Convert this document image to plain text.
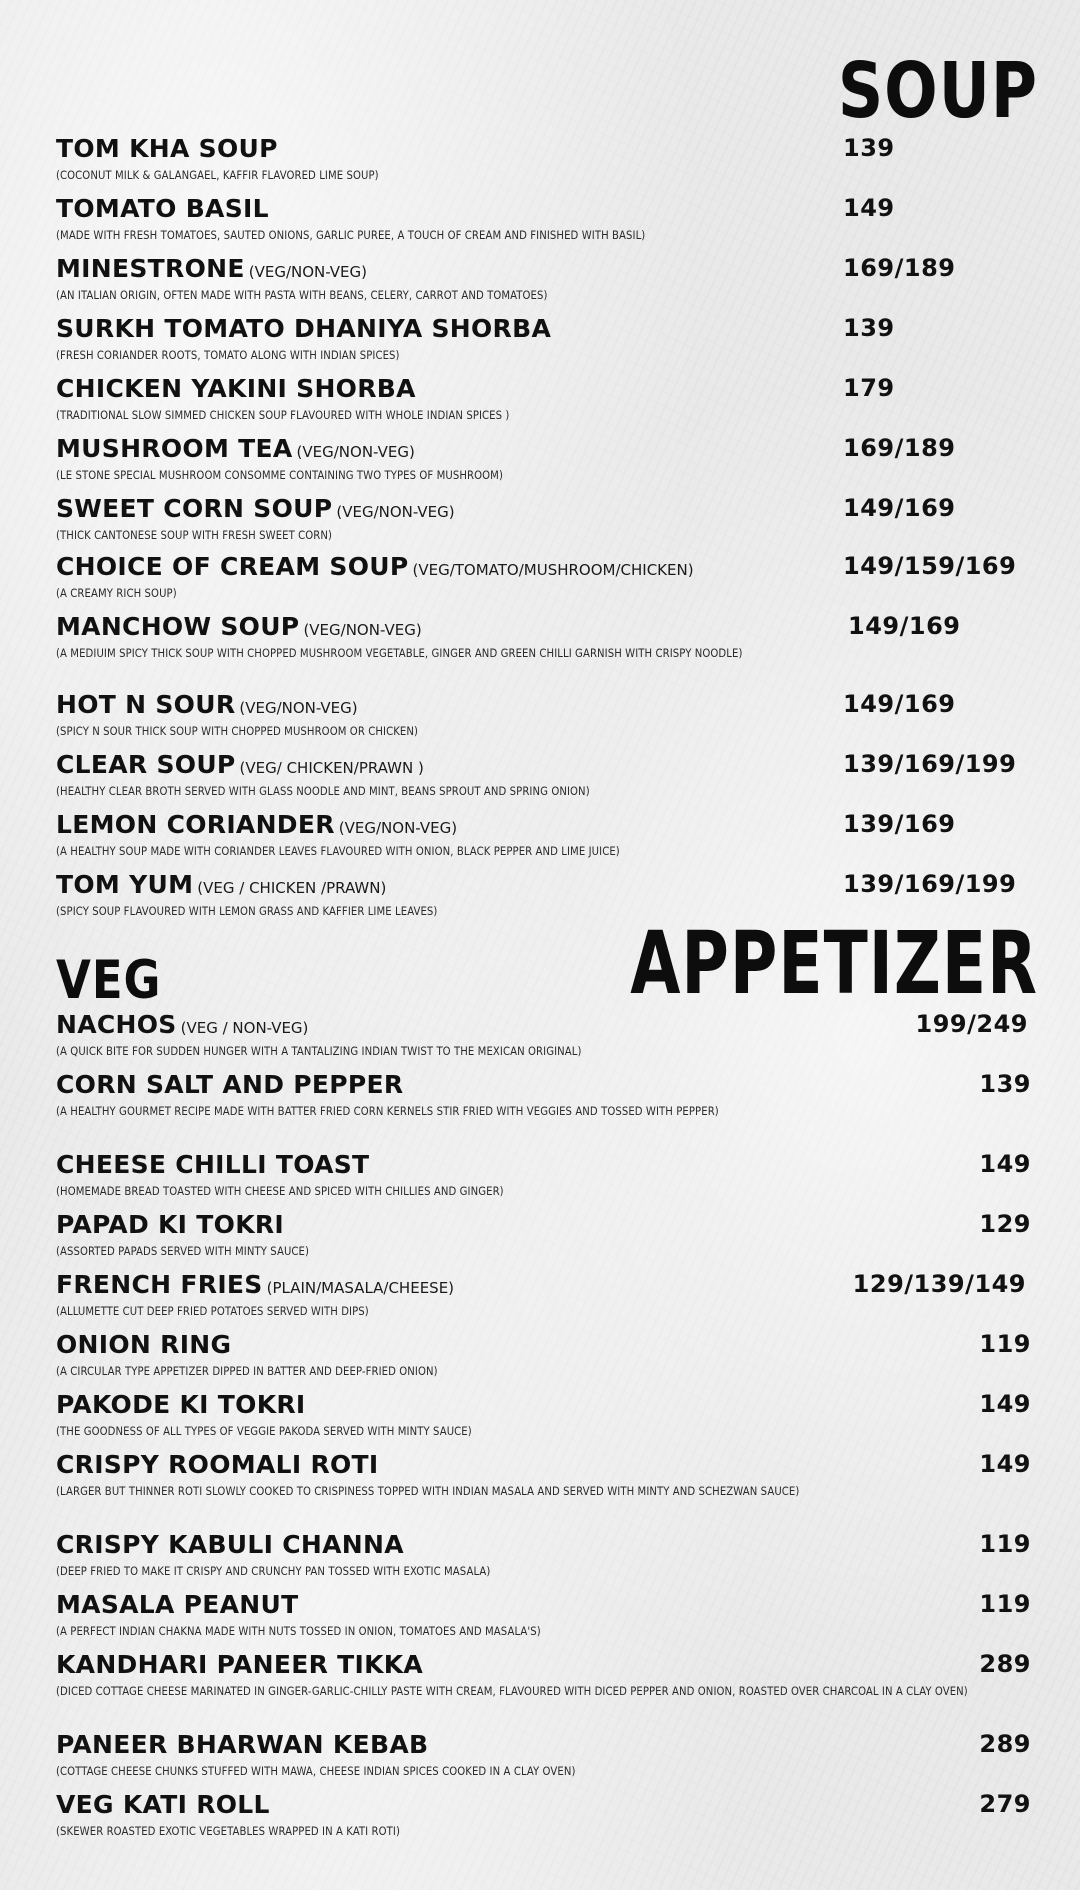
SOUP
VEG	APPETIZER
TOM KHA SOUP	139
(COCONUT MILK & GALANGAEL, KAFFIR FLAVORED LIME SOUP)
TOMATO BASIL	149
(MADE WITH FRESH TOMATOES, SAUTED ONIONS, GARLIC PUREE, A TOUCH OF CREAM AND FINISHED WITH BASIL)
MINESTRONE (VEG/NON-VEG)	169/189
(AN ITALIAN ORIGIN, OFTEN MADE WITH PASTA WITH BEANS, CELERY, CARROT AND TOMATOES)
SURKH TOMATO DHANIYA SHORBA	139
(FRESH CORIANDER ROOTS, TOMATO ALONG WITH INDIAN SPICES)
CHICKEN YAKINI SHORBA	179
(TRADITIONAL SLOW SIMMED CHICKEN SOUP FLAVOURED WITH WHOLE INDIAN SPICES )
MUSHROOM TEA (VEG/NON-VEG)	169/189
(LE STONE SPECIAL MUSHROOM CONSOMME CONTAINING TWO TYPES OF MUSHROOM)
SWEET CORN SOUP (VEG/NON-VEG)	149/169
(THICK CANTONESE SOUP WITH FRESH SWEET CORN)
CHOICE OF CREAM SOUP (VEG/TOMATO/MUSHROOM/CHICKEN)	149/159/169
(A CREAMY RICH SOUP)
MANCHOW SOUP (VEG/NON-VEG)	149/169
(A MEDIUIM SPICY THICK SOUP WITH CHOPPED MUSHROOM VEGETABLE, GINGER AND GREEN CHILLI GARNISH WITH CRISPY NOODLE)
HOT N SOUR (VEG/NON-VEG)	149/169
(SPICY N SOUR THICK SOUP WITH CHOPPED MUSHROOM OR CHICKEN)
CLEAR SOUP (VEG/ CHICKEN/PRAWN )	139/169/199
(HEALTHY CLEAR BROTH SERVED WITH GLASS NOODLE AND MINT, BEANS SPROUT AND SPRING ONION)
LEMON CORIANDER (VEG/NON-VEG)	139/169
(A HEALTHY SOUP MADE WITH CORIANDER LEAVES FLAVOURED WITH ONION, BLACK PEPPER AND LIME JUICE)
TOM YUM (VEG / CHICKEN /PRAWN)	139/169/199
(SPICY SOUP FLAVOURED WITH LEMON GRASS AND KAFFIER LIME LEAVES)
NACHOS (VEG / NON-VEG)	199/249
(A QUICK BITE FOR SUDDEN HUNGER WITH A TANTALIZING INDIAN TWIST TO THE MEXICAN ORIGINAL)
CORN SALT AND PEPPER	139
(A HEALTHY GOURMET RECIPE MADE WITH BATTER FRIED CORN KERNELS STIR FRIED WITH VEGGIES AND TOSSED WITH PEPPER)
CHEESE CHILLI TOAST	149
(HOMEMADE BREAD TOASTED WITH CHEESE AND SPICED WITH CHILLIES AND GINGER)
PAPAD KI TOKRI	129
(ASSORTED PAPADS SERVED WITH MINTY SAUCE)
FRENCH FRIES (PLAIN/MASALA/CHEESE)	129/139/149
(ALLUMETTE CUT DEEP FRIED POTATOES SERVED WITH DIPS)
ONION RING	119
(A CIRCULAR TYPE APPETIZER DIPPED IN BATTER AND DEEP-FRIED ONION)
PAKODE KI TOKRI	149
(THE GOODNESS OF ALL TYPES OF VEGGIE PAKODA SERVED WITH MINTY SAUCE)
CRISPY ROOMALI ROTI	149
(LARGER BUT THINNER ROTI SLOWLY COOKED TO CRISPINESS TOPPED WITH INDIAN MASALA AND SERVED WITH MINTY AND SCHEZWAN SAUCE)
CRISPY KABULI CHANNA	119
(DEEP FRIED TO MAKE IT CRISPY AND CRUNCHY PAN TOSSED WITH EXOTIC MASALA)
MASALA PEANUT	119
(A PERFECT INDIAN CHAKNA MADE WITH NUTS TOSSED IN ONION, TOMATOES AND MASALA'S)
KANDHARI PANEER TIKKA	289
(DICED COTTAGE CHEESE MARINATED IN GINGER-GARLIC-CHILLY PASTE WITH CREAM, FLAVOURED WITH DICED PEPPER AND ONION, ROASTED OVER CHARCOAL IN A CLAY OVEN)
PANEER BHARWAN KEBAB	289
(COTTAGE CHEESE CHUNKS STUFFED WITH MAWA, CHEESE INDIAN SPICES COOKED IN A CLAY OVEN)
VEG KATI ROLL	279
(SKEWER ROASTED EXOTIC VEGETABLES WRAPPED IN A KATI ROTI)
